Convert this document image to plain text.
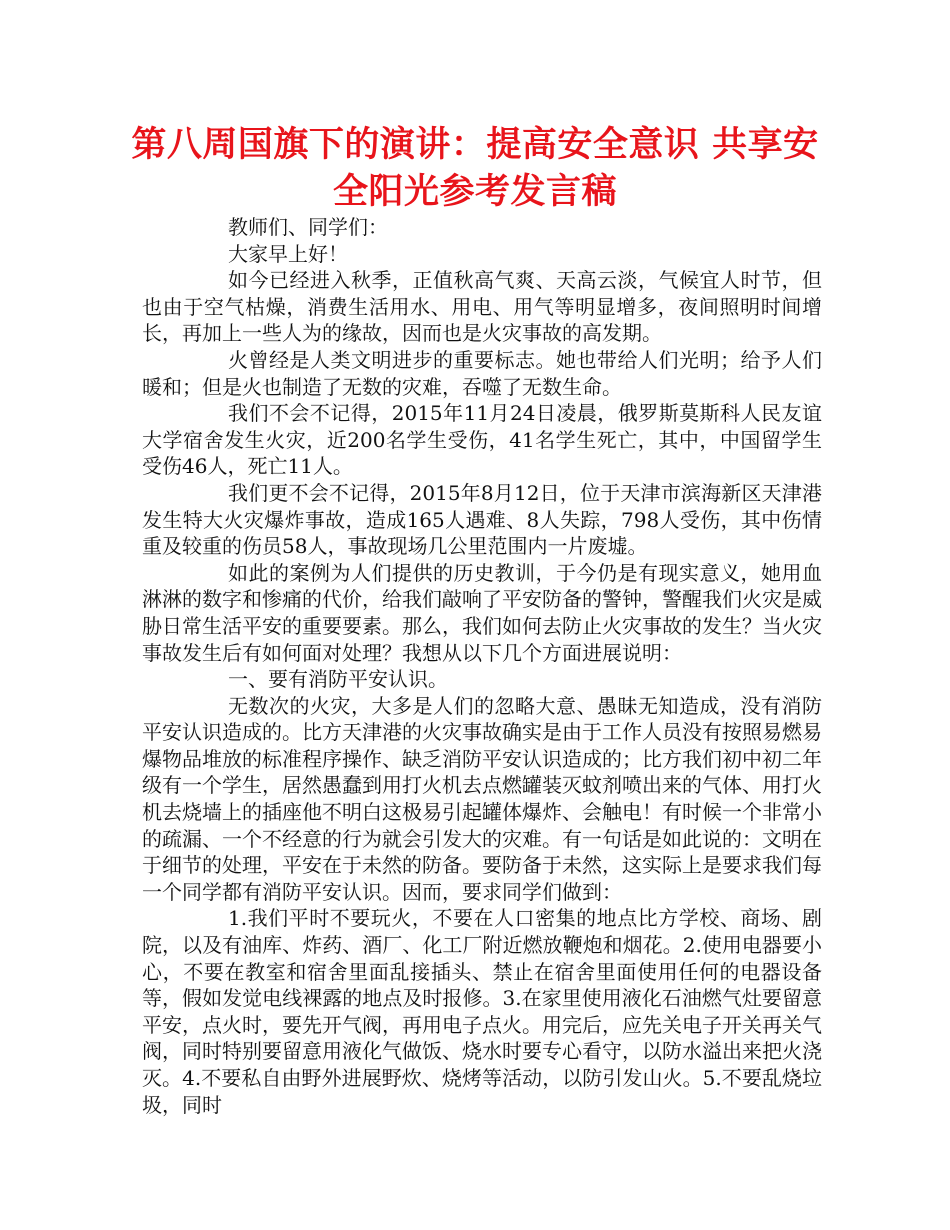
第八周国旗下的演讲：提高安全意识 共享安全阳光参考发言稿

教师们、同学们：

大家早上好！

如今已经进入秋季，正值秋高气爽、天高云淡，气候宜人时节，但也由于空气枯燥，消费生活用水、用电、用气等明显增多，夜间照明时间增长，再加上一些人为的缘故，因而也是火灾事故的高发期。

火曾经是人类文明进步的重要标志。她也带给人们光明；给予人们暖和；但是火也制造了无数的灾难，吞噬了无数生命。

我们不会不记得，2015年11月24日凌晨，俄罗斯莫斯科人民友谊大学宿舍发生火灾，近200名学生受伤，41名学生死亡，其中，中国留学生受伤46人，死亡11人。

我们更不会不记得，2015年8月12日，位于天津市滨海新区天津港发生特大火灾爆炸事故，造成165人遇难、8人失踪，798人受伤，其中伤情重及较重的伤员58人，事故现场几公里范围内一片废墟。

如此的案例为人们提供的历史教训，于今仍是有现实意义，她用血淋淋的数字和惨痛的代价，给我们敲响了平安防备的警钟，警醒我们火灾是威胁日常生活平安的重要要素。那么，我们如何去防止火灾事故的发生？当火灾事故发生后有如何面对处理？我想从以下几个方面进展说明：

一、要有消防平安认识。

无数次的火灾，大多是人们的忽略大意、愚昧无知造成，没有消防平安认识造成的。比方天津港的火灾事故确实是由于工作人员没有按照易燃易爆物品堆放的标准程序操作、缺乏消防平安认识造成的；比方我们初中初二年级有一个学生，居然愚蠢到用打火机去点燃罐装灭蚊剂喷出来的气体、用打火机去烧墙上的插座他不明白这极易引起罐体爆炸、会触电！有时候一个非常小的疏漏、一个不经意的行为就会引发大的灾难。有一句话是如此说的：文明在于细节的处理，平安在于未然的防备。要防备于未然，这实际上是要求我们每一个同学都有消防平安认识。因而，要求同学们做到：

1.我们平时不要玩火，不要在人口密集的地点比方学校、商场、剧院，以及有油库、炸药、酒厂、化工厂附近燃放鞭炮和烟花。2.使用电器要小心，不要在教室和宿舍里面乱接插头、禁止在宿舍里面使用任何的电器设备等，假如发觉电线裸露的地点及时报修。3.在家里使用液化石油燃气灶要留意平安，点火时，要先开气阀，再用电子点火。用完后，应先关电子开关再关气阀，同时特别要留意用液化气做饭、烧水时要专心看守，以防水溢出来把火浇灭。4.不要私自由野外进展野炊、烧烤等活动，以防引发山火。5.不要乱烧垃圾，同时
